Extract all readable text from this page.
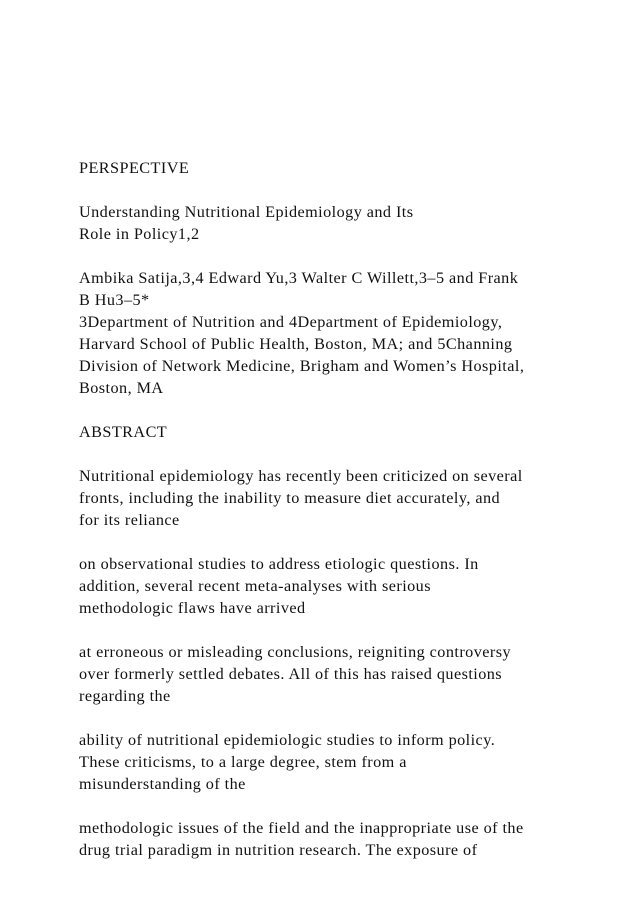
PERSPECTIVE

Understanding Nutritional Epidemiology and Its
Role in Policy1,2

Ambika Satija,3,4 Edward Yu,3 Walter C Willett,3–5 and Frank
B Hu3–5*

3Department of Nutrition and 4Department of Epidemiology,
Harvard School of Public Health, Boston, MA; and 5Channing
Division of Network Medicine, Brigham and Women’s Hospital,
Boston, MA

ABSTRACT

Nutritional epidemiology has recently been criticized on several
fronts, including the inability to measure diet accurately, and
for its reliance

on observational studies to address etiologic questions. In
addition, several recent meta-analyses with serious
methodologic flaws have arrived

at erroneous or misleading conclusions, reigniting controversy
over formerly settled debates. All of this has raised questions
regarding the

ability of nutritional epidemiologic studies to inform policy.
These criticisms, to a large degree, stem from a
misunderstanding of the

methodologic issues of the field and the inappropriate use of the
drug trial paradigm in nutrition research. The exposure of
